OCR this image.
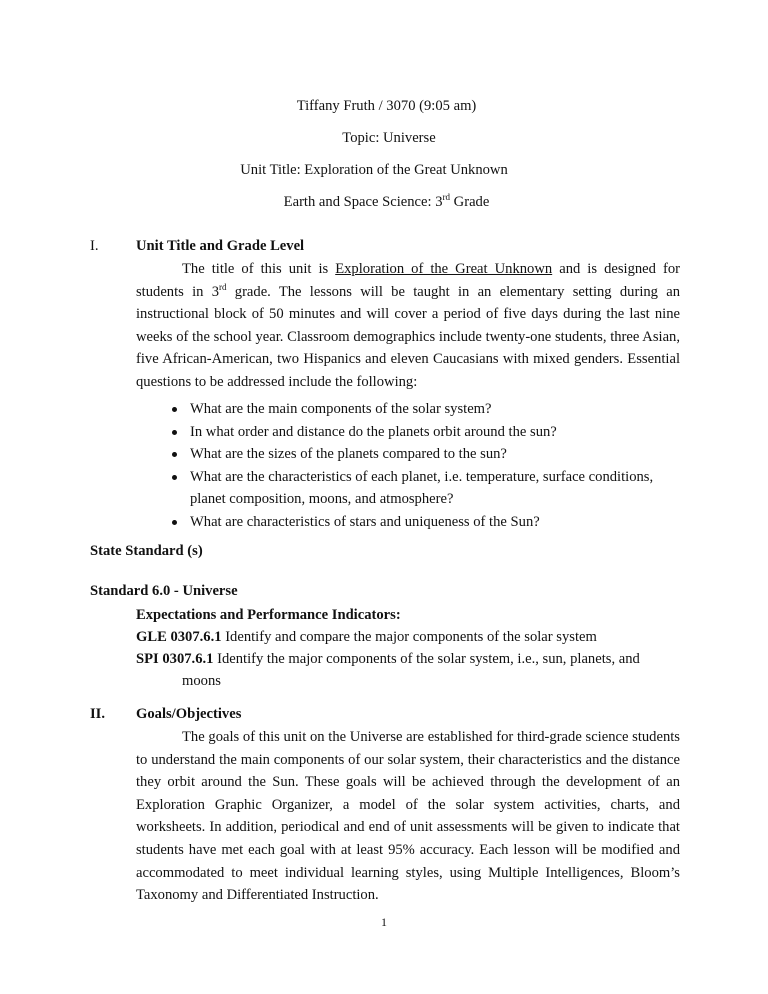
Tiffany Fruth / 3070 (9:05 am)
Topic: Universe
Unit Title: Exploration of the Great Unknown
Earth and Space Science: 3rd Grade
I.	Unit Title and Grade Level
The title of this unit is Exploration of the Great Unknown and is designed for students in 3rd grade. The lessons will be taught in an elementary setting during an instructional block of 50 minutes and will cover a period of five days during the last nine weeks of the school year. Classroom demographics include twenty-one students, three Asian, five African-American, two Hispanics and eleven Caucasians with mixed genders. Essential questions to be addressed include the following:
What are the main components of the solar system?
In what order and distance do the planets orbit around the sun?
What are the sizes of the planets compared to the sun?
What are the characteristics of each planet, i.e. temperature, surface conditions, planet composition, moons, and atmosphere?
What are characteristics of stars and uniqueness of the Sun?
State Standard (s)
Standard 6.0 - Universe
Expectations and Performance Indicators:
GLE 0307.6.1 Identify and compare the major components of the solar system
SPI 0307.6.1 Identify the major components of the solar system, i.e., sun, planets, and
moons
II. Goals/Objectives
The goals of this unit on the Universe are established for third-grade science students to understand the main components of our solar system, their characteristics and the distance they orbit around the Sun. These goals will be achieved through the development of an Exploration Graphic Organizer, a model of the solar system activities, charts, and worksheets. In addition, periodical and end of unit assessments will be given to indicate that students have met each goal with at least 95% accuracy. Each lesson will be modified and accommodated to meet individual learning styles, using Multiple Intelligences, Bloom’s Taxonomy and Differentiated Instruction.
1
